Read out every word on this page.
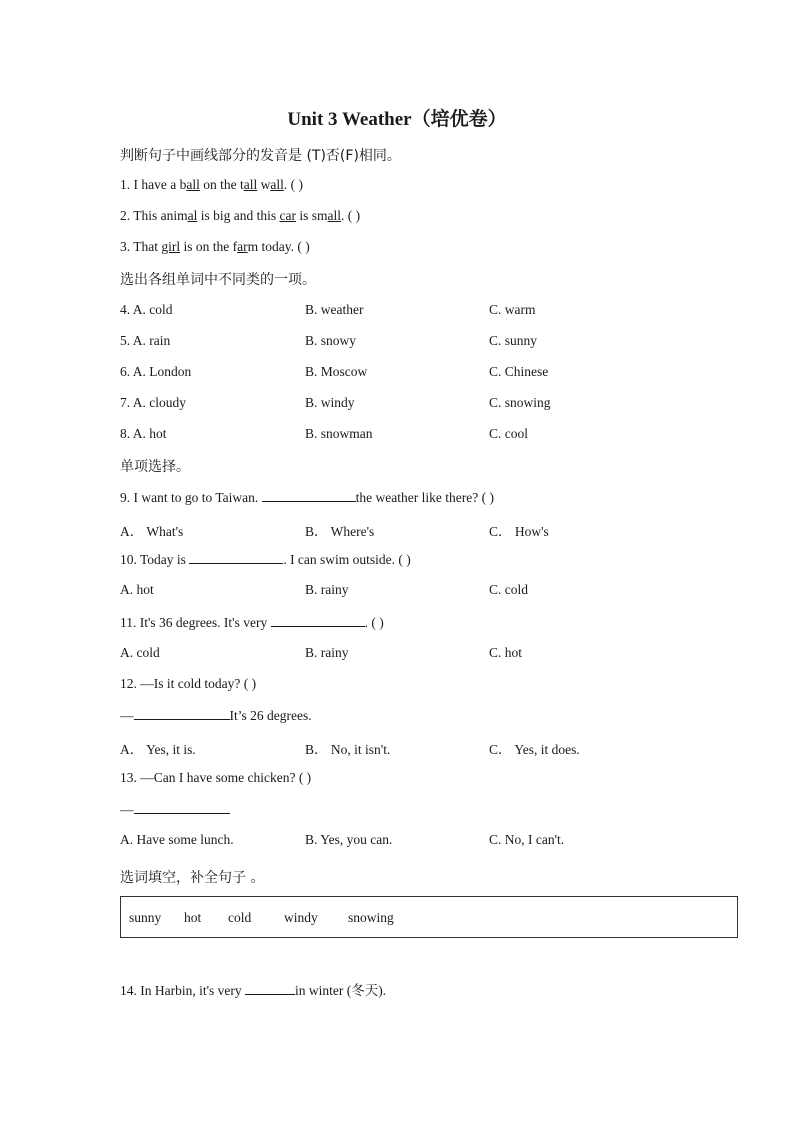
Unit 3 Weather（培优卷）
判断句子中画线部分的发音是 (T)否(F)相同。
1. I have a ball on the tall wall. ( )
2. This animal is big and this car is small. ( )
3. That girl is on the farm today. ( )
选出各组单词中不同类的一项。
4. A. cold	B. weather	C. warm
5. A. rain	B. snowy	C. sunny
6. A. London	B. Moscow	C. Chinese
7. A. cloudy	B. windy	C. snowing
8. A. hot	B. snowman	C. cool
单项选择。
9. I want to go to Taiwan.	the weather like there? ( )
A． What's	B． Where's	C． How's
10. Today is	. I can swim outside. ( )
A. hot	B. rainy	C. cold
11. It's 36 degrees. It's very	. ( )
A. cold	B. rainy	C. hot
12. —Is it cold today? ( )
—	It’s 26 degrees.
A． Yes, it is.	B． No, it isn't.	C． Yes, it does.
13. —Can I have some chicken? ( )
—
A. Have some lunch.	B. Yes, you can.	C. No, I can't.
选词填空，补全句子 。
sunny hot cold windy snowing
14. In Harbin, it's very	in winter (冬天).
